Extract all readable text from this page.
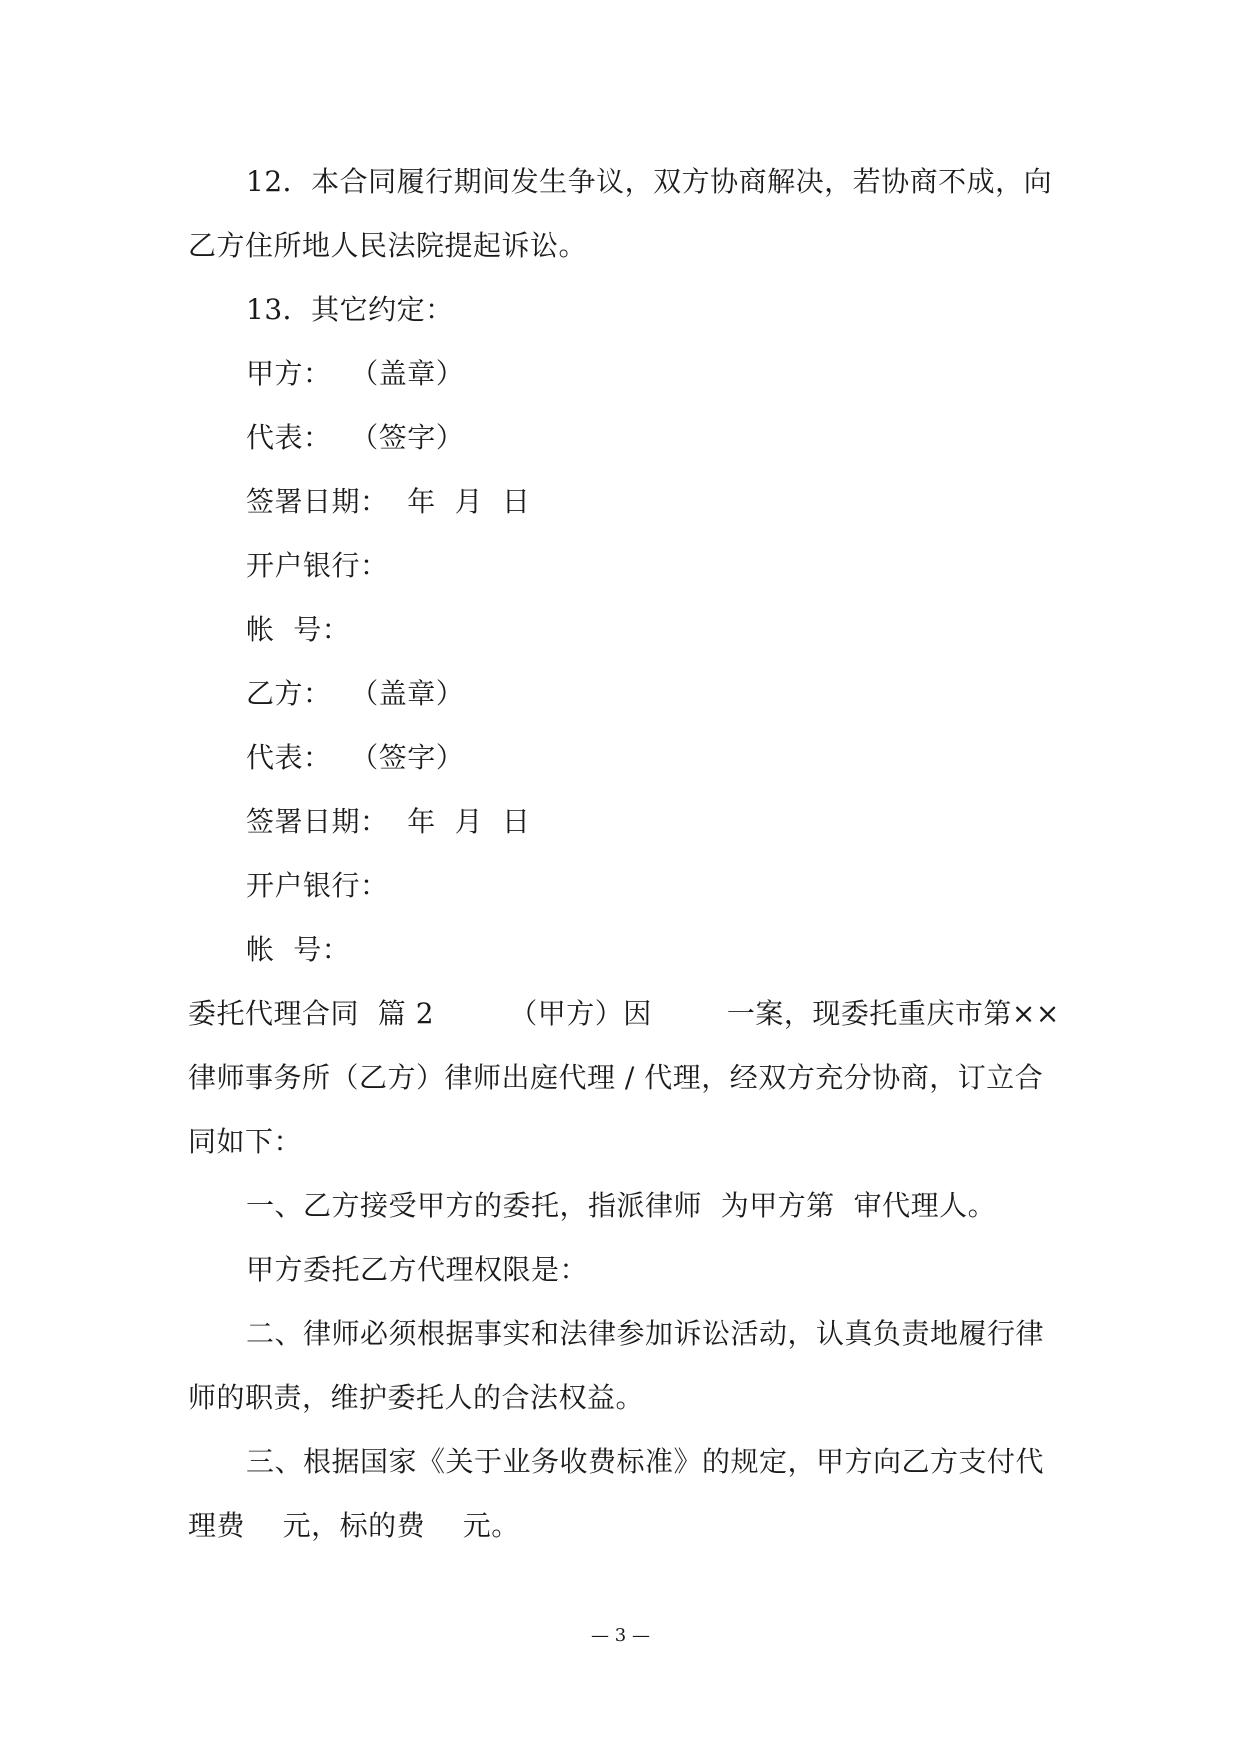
12．本合同履行期间发生争议，双方协商解决，若协商不成，向
乙方住所地人民法院提起诉讼。
13．其它约定：
甲方：  （盖章）
代表：  （签字）
签署日期：  年  月  日
开户银行：
帐  号：
乙方：  （盖章）
代表：  （签字）
签署日期：  年  月  日
开户银行：
帐  号：
委托代理合同  篇 2        （甲方）因        一案，现委托重庆市第××
律师事务所（乙方）律师出庭代理 / 代理，经双方充分协商，订立合
同如下：
一、乙方接受甲方的委托，指派律师  为甲方第  审代理人。
甲方委托乙方代理权限是：
二、律师必须根据事实和法律参加诉讼活动，认真负责地履行律
师的职责，维护委托人的合法权益。
三、根据国家《关于业务收费标准》的规定，甲方向乙方支付代
理费    元，标的费    元。
— 3 —
